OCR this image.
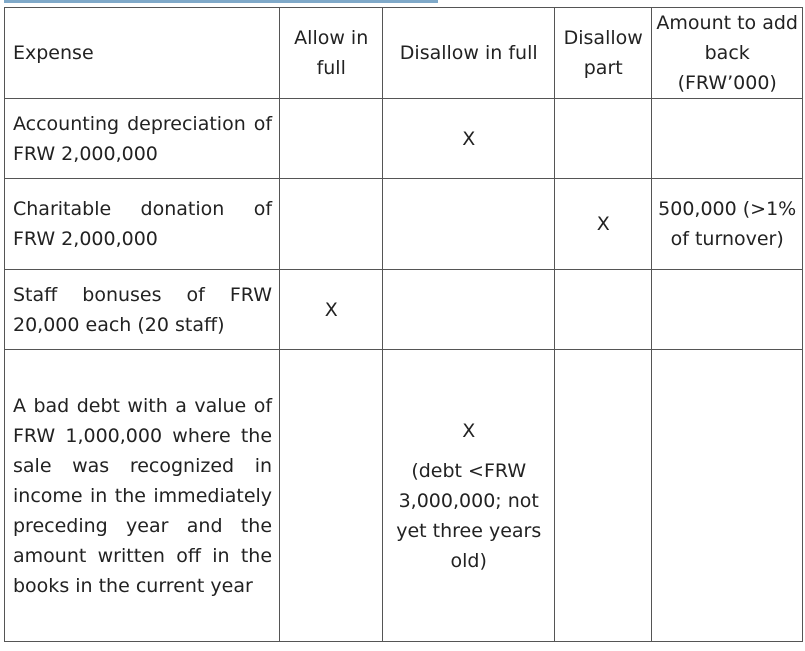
Expense	Allow in full	Disallow in full	Disallow part	Amount to add back (FRW’000)
Accounting depreciation of FRW 2,000,000		X		
Charitable donation of FRW 2,000,000			X	500,000 (>1% of turnover)
Staff bonuses of FRW 20,000 each (20 staff)	X			
A bad debt with a value of FRW 1,000,000 where the sale was recognized in income in the immediately preceding year and the amount written off in the books in the current year		X
(debt <FRW 3,000,000; not yet three years old)		
